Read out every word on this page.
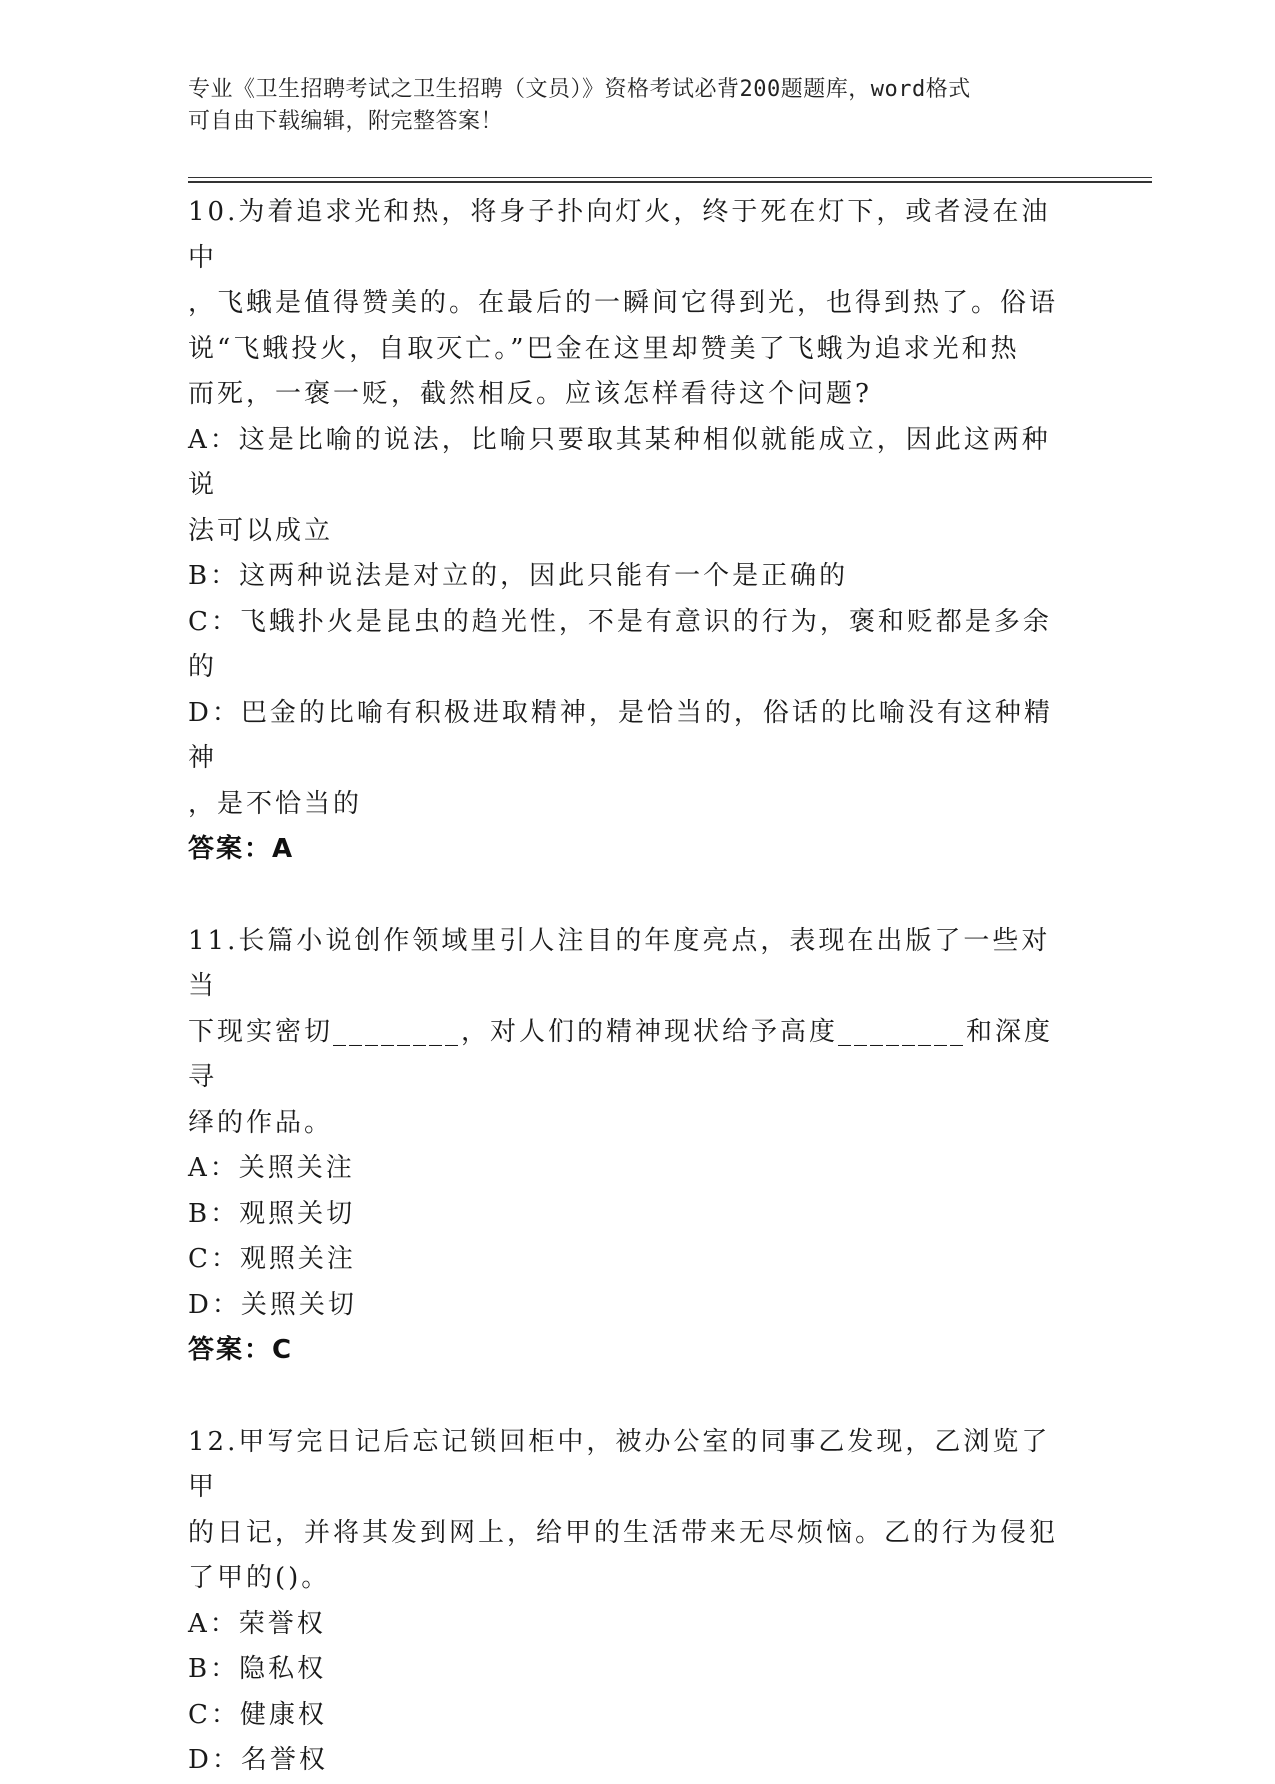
专业《卫生招聘考试之卫生招聘（文员）》资格考试必背200题题库，word格式
可自由下载编辑，附完整答案！

10.为着追求光和热，将身子扑向灯火，终于死在灯下，或者浸在油中

，飞蛾是值得赞美的。在最后的一瞬间它得到光，也得到热了。俗语

说“飞蛾投火，自取灭亡。”巴金在这里却赞美了飞蛾为追求光和热

而死，一褒一贬，截然相反。应该怎样看待这个问题?

A：这是比喻的说法，比喻只要取其某种相似就能成立，因此这两种说

法可以成立

B：这两种说法是对立的，因此只能有一个是正确的

C：飞蛾扑火是昆虫的趋光性，不是有意识的行为，褒和贬都是多余的

D：巴金的比喻有积极进取精神，是恰当的，俗话的比喻没有这种精神

，是不恰当的

答案：A

11.长篇小说创作领域里引人注目的年度亮点，表现在出版了一些对当

下现实密切________，对人们的精神现状给予高度________和深度寻

绎的作品。

A：关照关注

B：观照关切

C：观照关注

D：关照关切

答案：C

12.甲写完日记后忘记锁回柜中，被办公室的同事乙发现，乙浏览了甲

的日记，并将其发到网上，给甲的生活带来无尽烦恼。乙的行为侵犯

了甲的()。

A：荣誉权

B：隐私权

C：健康权

D：名誉权
